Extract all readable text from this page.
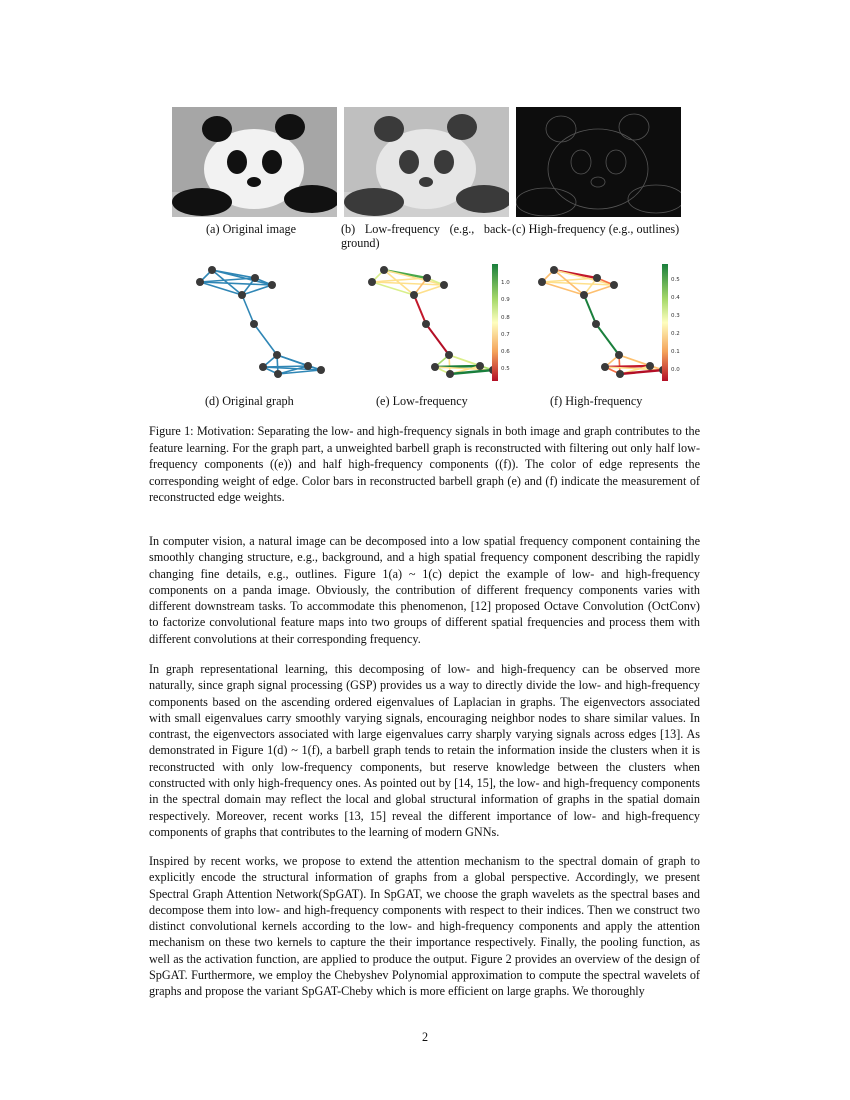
(a) Original image	(b) Low-frequency (e.g., back- ground)
(c) High-frequency (e.g., outlines)
1.0
0.9
0.8
0.7
0.6
0.5
0.5
0.4
0.3
0.2
0.1
0.0
(d) Original graph	(e) Low-frequency	(f) High-frequency
Figure 1: Motivation: Separating the low- and high-frequency signals in both image and graph contributes to the feature learning. For the graph part, a unweighted barbell graph is reconstructed with filtering out only half low-frequency components ((e)) and half high-frequency components ((f)). The color of edge represents the corresponding weight of edge. Color bars in reconstructed barbell graph (e) and (f) indicate the measurement of reconstructed edge weights.

In computer vision, a natural image can be decomposed into a low spatial frequency component containing the smoothly changing structure, e.g., background, and a high spatial frequency component describing the rapidly changing fine details, e.g., outlines. Figure 1(a) ~ 1(c) depict the example of low- and high-frequency components on a panda image. Obviously, the contribution of different frequency components varies with different downstream tasks. To accommodate this phenomenon, [12] proposed Octave Convolution (OctConv) to factorize convolutional feature maps into two groups of different spatial frequencies and process them with different convolutions at their corresponding frequency.

In graph representational learning, this decomposing of low- and high-frequency can be observed more naturally, since graph signal processing (GSP) provides us a way to directly divide the low- and high-frequency components based on the ascending ordered eigenvalues of Laplacian in graphs. The eigenvectors associated with small eigenvalues carry smoothly varying signals, encouraging neighbor nodes to share similar values. In contrast, the eigenvectors associated with large eigenvalues carry sharply varying signals across edges [13]. As demonstrated in Figure 1(d) ~ 1(f), a barbell graph tends to retain the information inside the clusters when it is reconstructed with only low-frequency components, but reserve knowledge between the clusters when constructed with only high-frequency ones. As pointed out by [14, 15], the low- and high-frequency components in the spectral domain may reflect the local and global structural information of graphs in the spatial domain respectively. Moreover, recent works [13, 15] reveal the different importance of low- and high-frequency components of graphs that contributes to the learning of modern GNNs.

Inspired by recent works, we propose to extend the attention mechanism to the spectral domain of graph to explicitly encode the structural information of graphs from a global perspective. Accordingly, we present Spectral Graph Attention Network(SpGAT). In SpGAT, we choose the graph wavelets as the spectral bases and decompose them into low- and high-frequency components with respect to their indices. Then we construct two distinct convolutional kernels according to the low- and high-frequency components and apply the attention mechanism on these two kernels to capture the their importance respectively. Finally, the pooling function, as well as the activation function, are applied to produce the output. Figure 2 provides an overview of the design of SpGAT. Furthermore, we employ the Chebyshev Polynomial approximation to compute the spectral wavelets of graphs and propose the variant SpGAT-Cheby which is more efficient on large graphs. We thoroughly

2
